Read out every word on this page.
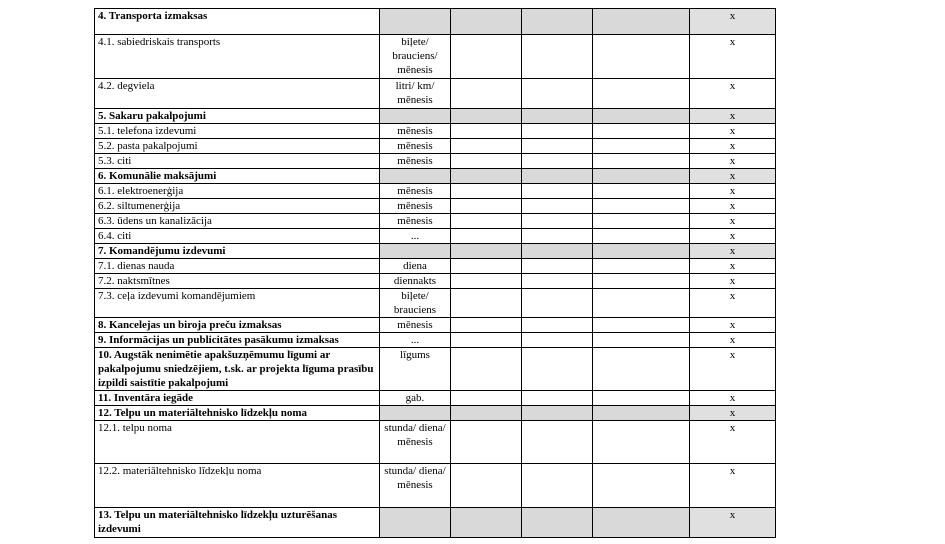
4. Transporta izmaksas					x
4.1. sabiedriskais transports	biļete/ brauciens/ mēnesis				x
4.2. degviela	litri/ km/ mēnesis				x
5. Sakaru pakalpojumi					x
5.1. telefona izdevumi	mēnesis				x
5.2. pasta pakalpojumi	mēnesis				x
5.3. citi	mēnesis				x
6. Komunālie maksājumi					x
6.1. elektroenerģija	mēnesis				x
6.2. siltumenerģija	mēnesis				x
6.3. ūdens un kanalizācija	mēnesis				x
6.4. citi	...				x
7. Komandējumu izdevumi					x
7.1. dienas nauda	diena				x
7.2. naktsmītnes	diennakts				x
7.3. ceļa izdevumi komandējumiem	biļete/ brauciens				x
8. Kancelejas un biroja preču izmaksas	mēnesis				x
9. Informācijas un publicitātes pasākumu izmaksas	...				x
10. Augstāk nenimētie apakšuzņēmumu līgumi ar pakalpojumu sniedzējiem, t.sk. ar projekta līguma prasību izpildi saistītie pakalpojumi	līgums				x
11. Inventāra iegāde	gab.				x
12. Telpu un materiāltehnisko līdzekļu noma					x
12.1. telpu noma	stunda/ diena/ mēnesis				x
12.2. materiāltehnisko līdzekļu noma	stunda/ diena/ mēnesis				x
13. Telpu un materiāltehnisko līdzekļu uzturēšanas izdevumi					x
